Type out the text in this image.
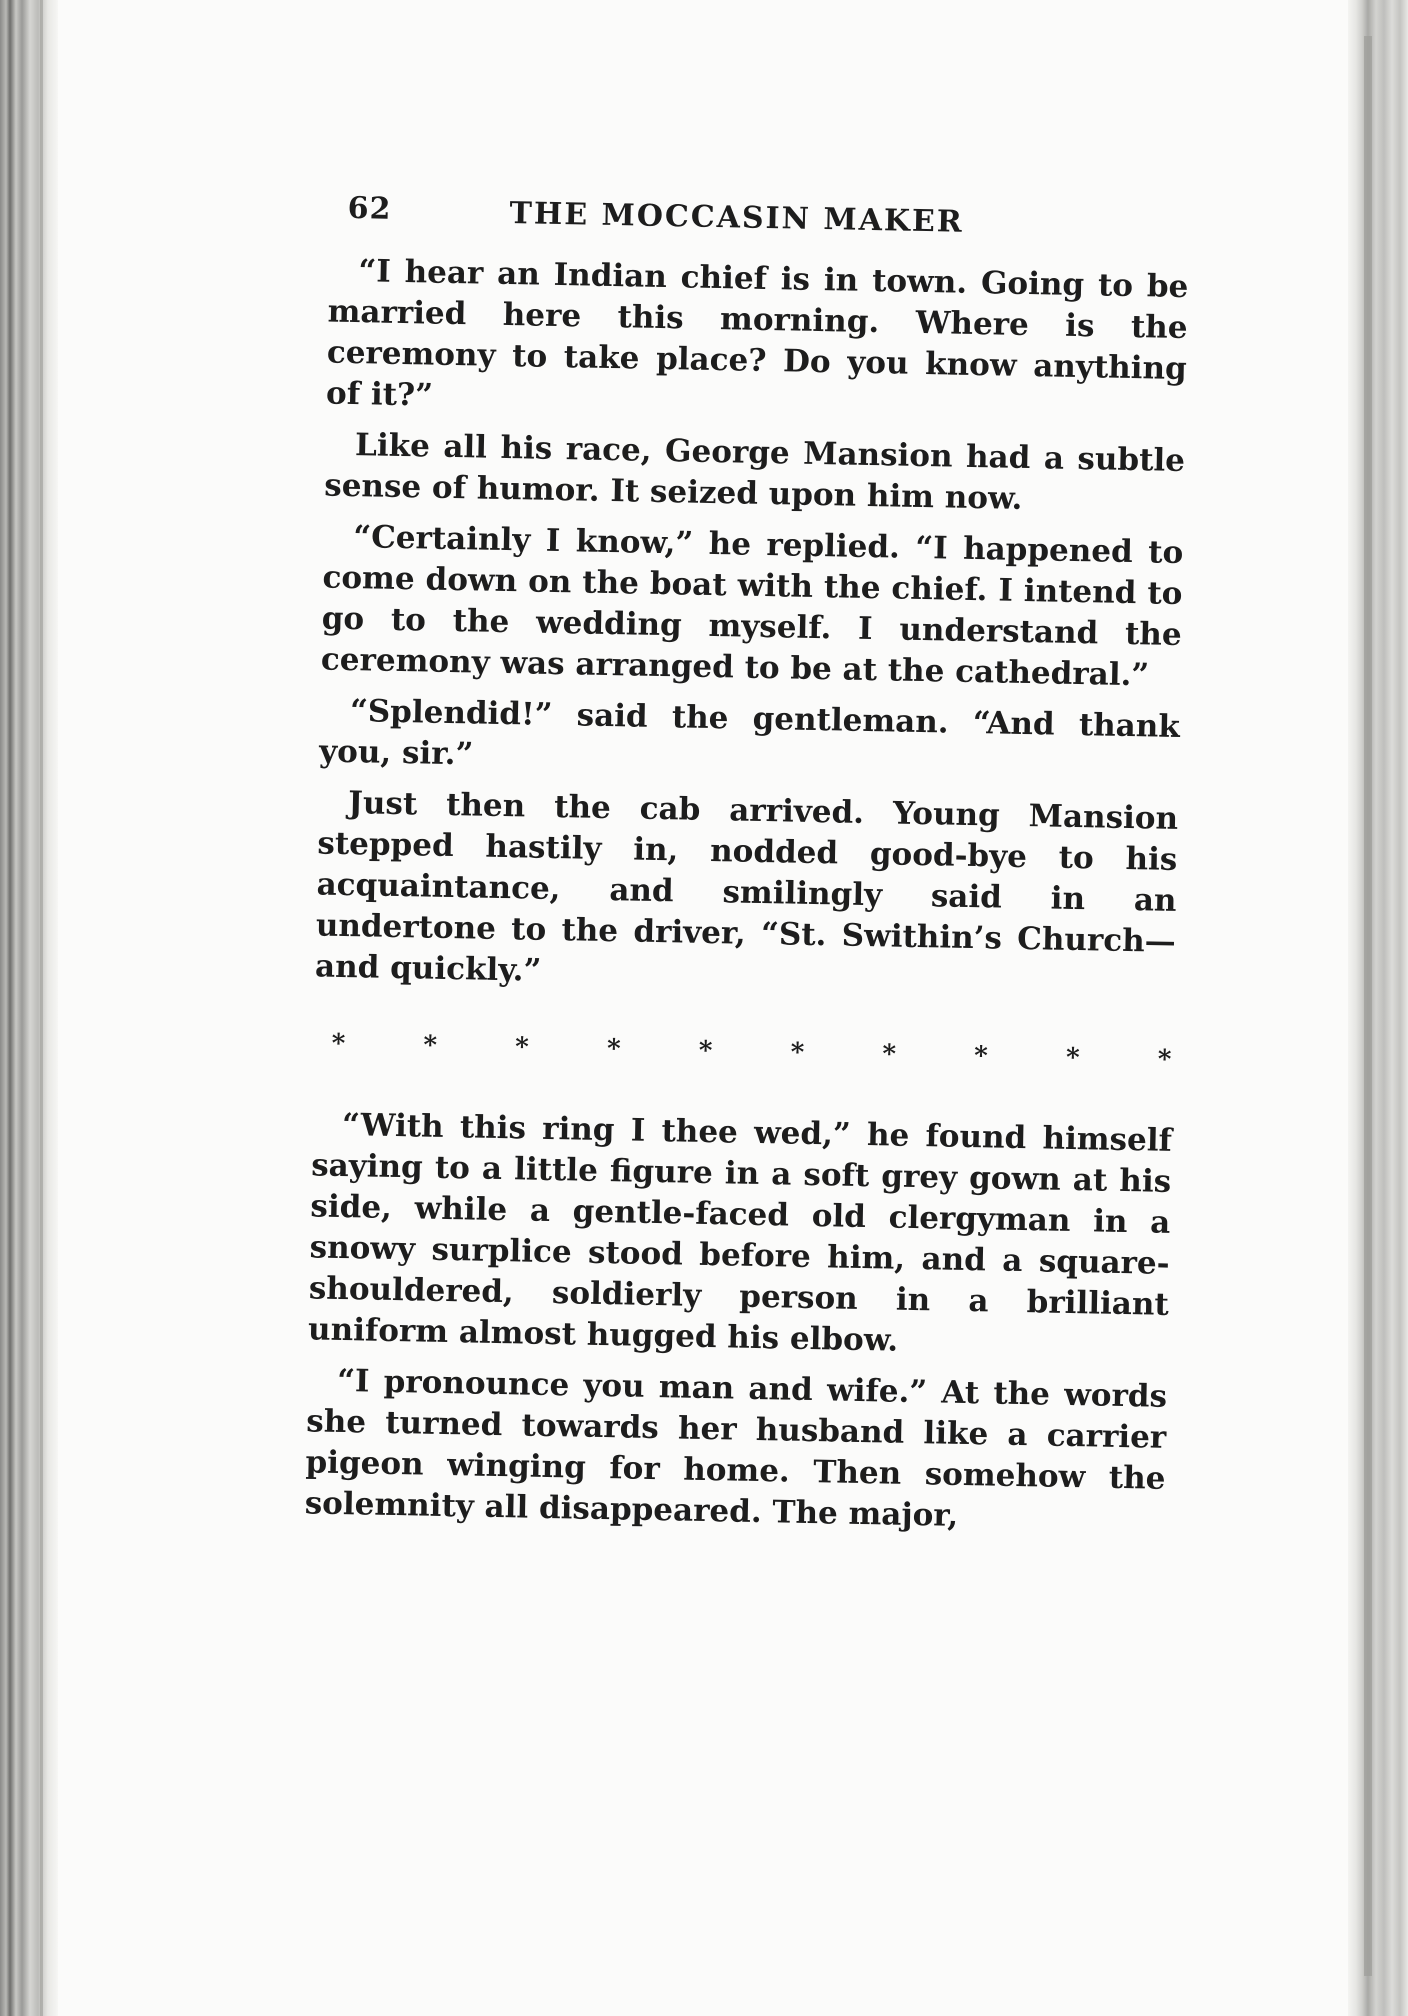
62	THE MOCCASIN MAKER

“I hear an Indian chief is in town. Going to be married here this morning. Where is the ceremony to take place? Do you know anything of it?”

Like all his race, George Mansion had a subtle sense of humor. It seized upon him now.

“Certainly I know,” he replied. “I happened to come down on the boat with the chief. I intend to go to the wedding myself. I understand the ceremony was arranged to be at the cathedral.”

“Splendid!” said the gentleman. “And thank you, sir.”

Just then the cab arrived. Young Mansion stepped hastily in, nodded good-bye to his acquaintance, and smilingly said in an undertone to the driver, “St. Swithin’s Church—and quickly.”

*	*	*	*	*	*	*	*	*	*

“With this ring I thee wed,” he found himself saying to a little figure in a soft grey gown at his side, while a gentle-faced old clergyman in a snowy surplice stood before him, and a square-shouldered, soldierly person in a brilliant uniform almost hugged his elbow.

“I pronounce you man and wife.” At the words she turned towards her husband like a carrier pigeon winging for home. Then somehow the solemnity all disappeared. The major,
